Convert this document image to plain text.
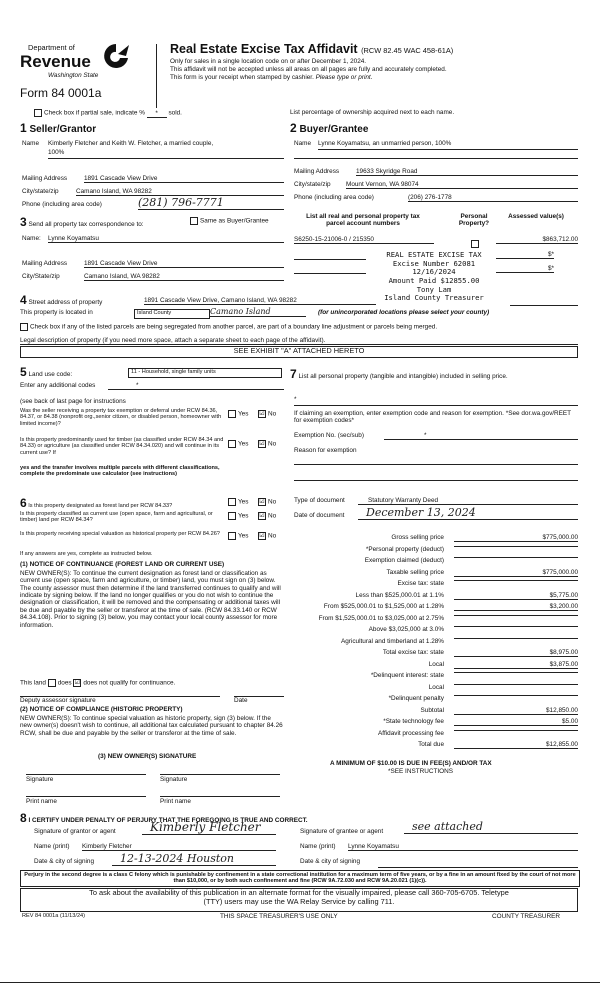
Department of
Revenue
Washington State
Form 84 0001a
Real Estate Excise Tax Affidavit (RCW 82.45 WAC 458-61A)
Only for sales in a single location code on or after December 1, 2024.
This affidavit will not be accepted unless all areas on all pages are fully and accurately completed.
This form is your receipt when stamped by cashier. Please type or print.
Check box if partial sale, indicate % * sold.	List percentage of ownership acquired next to each name.
1 Seller/Grantor
Name Kimberly Fletcher and Keith W. Fletcher, a married couple,
100%
Mailing Address	1891 Cascade View Drive
City/state/zip	Camano Island, WA 98282
Phone (including area code)	(281) 796-7771
2 Buyer/Grantee
Name Lynne Koyamatsu, an unmarried person, 100%
Mailing Address	19633 Skyridge Road
City/state/zip Mount Vernon, WA 98074
Phone (including area code)	(206) 276-1778
3 Send all property tax correspondence to:	Same as Buyer/Grantee
Name: Lynne Koyamatsu
Mailing Address	1891 Cascade View Drive
City/State/zip	Camano Island, WA 98282
List all real and personal property tax parcel account numbers
Personal Property?
Assessed value(s)
S6250-15-21006-0 / 215350	$863,712.00
$*
$*
REAL ESTATE EXCISE TAX
Excise Number 62081
12/16/2024
Amount Paid $12855.00
Tony Lam
Island County Treasurer
4 Street address of property	1891 Cascade View Drive, Camano Island, WA 98282
This property is located in	Island County	Camano Island	(for unincorporated locations please select your county)
Check box if any of the listed parcels are being segregated from another parcel, are part of a boundary line adjustment or parcels being merged.
Legal description of property (if you need more space, attach a separate sheet to each page of the affidavit).
SEE EXHIBIT "A" ATTACHED HERETO
5 Land use code:	11 - Household, single family units
Enter any additional codes	*
(see back of last page for instructions
Was the seller receiving a property tax exemption or deferral under RCW 84.36, 84.37, or 84.38 (nonprofit org.,senior citizen, or disabled person, homeowner with limited income)?
Yes ☑ No
Is this property predominantly used for timber (as classified under RCW 84.34 and 84.33) or agriculture (as classified under RCW 84.34.020) and will continue in its current use? If
yes and the transfer involves multiple parcels with different classifications, complete the predominate use calculator (see instructions)
Yes ☑ No
7 List all personal property (tangible and intangible) included in selling price.
*
If claiming an exemption, enter exemption code and reason for exemption. *See dor.wa.gov/REET for exemption codes*
Exemption No. (sec/sub)	*
Reason for exemption
6 Is this property designated as forest land per RCW 84.33?
Yes ☑ No
Is this property classified as current use (open space, farm and agricultural, or timber) land per RCW 84.34?
Yes ☑ No
Is this property receiving special valuation as historical property per RCW 84.26?	Yes ☑ No
If any answers are yes, complete as instructed below.
(1) NOTICE OF CONTINUANCE (FOREST LAND OR CURRENT USE)
NEW OWNER(S): To continue the current designation as forest land or classification as current use (open space, farm and agriculture, or timber) land, you must sign on (3) below. The county assessor must then determine if the land transferred continues to qualify and will indicate by signing below. If the land no longer qualifies or you do not wish to continue the designation or classification, it will be removed and the compensating or additional taxes will be due and payable by the seller or transferor at the time of sale. (RCW 84.33.140 or RCW 84.34.108). Prior to signing (3) below, you may contact your local county assessor for more information.
This land does ☑ does not qualify for continuance.
Deputy assessor signature	Date
(2) NOTICE OF COMPLIANCE (HISTORIC PROPERTY)
NEW OWNER(S): To continue special valuation as historic property, sign (3) below. If the new owner(s) doesn't wish to continue, all additional tax calculated pursuant to chapter 84.26 RCW, shall be due and payable by the seller or transferor at the time of sale.
(3) NEW OWNER(S) SIGNATURE
Signature	Signature
Print name	Print name
Type of document	Statutory Warranty Deed
Date of document	December 13, 2024
Gross selling price	$775,000.00
*Personal property (deduct)
Exemption claimed (deduct)
Taxable selling price	$775,000.00
Excise tax: state
Less than $525,000.01 at 1.1%	$5,775.00
From $525,000.01 to $1,525,000 at 1.28%	$3,200.00
From $1,525,000.01 to $3,025,000 at 2.75%
Above $3,025,000 at 3.0%
Agricultural and timberland at 1.28%
Total excise tax: state	$8,975.00
Local	$3,875.00
*Delinquent interest: state
Local
*Delinquent penalty
Subtotal	$12,850.00
*State technology fee	$5.00
Affidavit processing fee
Total due	$12,855.00
A MINIMUM OF $10.00 IS DUE IN FEE(S) AND/OR TAX
*SEE INSTRUCTIONS
8 I CERTIFY UNDER PENALTY OF PERJURY THAT THE FOREGOING IS TRUE AND CORRECT.
Signature of grantor or agent	Kimberly Fletcher	Signature of grantee or agent	see attached
Name (print) Kimberly Fletcher	Name (print) Lynne Koyamatsu
Date & city of signing	12-13-2024 Houston	Date & city of signing
Perjury in the second degree is a class C felony which is punishable by confinement in a state correctional institution for a maximum term of five years, or by a fine in an amount fixed by the court of not more than $10,000, or by both such confinement and fine (RCW 9A.72.030 and RCW 9A.20.021 (1)(c)).
To ask about the availability of this publication in an alternate format for the visually impaired, please call 360-705-6705. Teletype
(TTY) users may use the WA Relay Service by calling 711.
REV 84 0001a (11/13/24)	THIS SPACE TREASURER'S USE ONLY	COUNTY TREASURER
